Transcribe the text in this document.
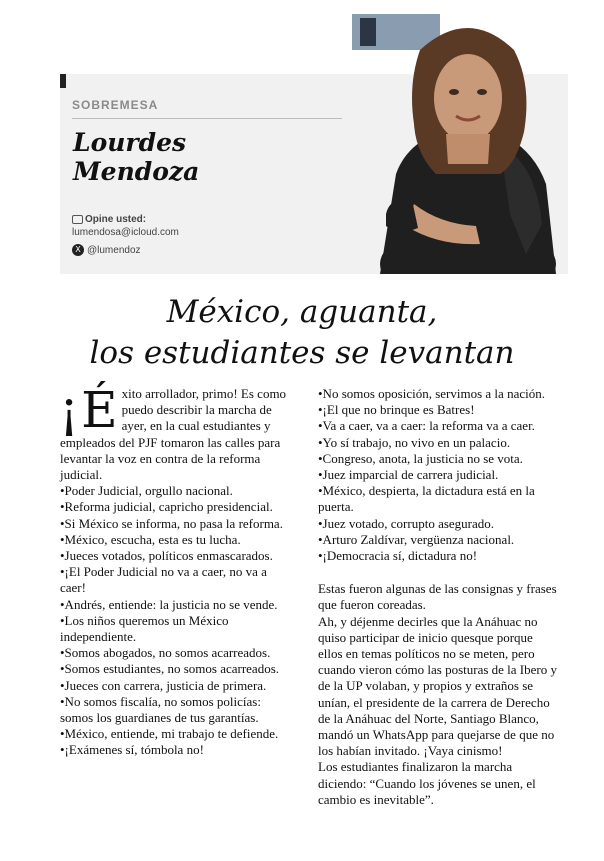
SOBREMESA
Lourdes
Mendoza
Opine usted:
lumendosa@icloud.com
X @lumendoz
México, aguanta,
los estudiantes se levantan

¡ É xito arrollador, primo! Es como puedo describir la marcha de ayer, en la cual estudiantes y empleados del PJF tomaron las calles para levantar la voz en contra de la reforma judicial.

•Poder Judicial, orgullo nacional.

•Reforma judicial, capricho presidencial.

•Si México se informa, no pasa la reforma.

•México, escucha, esta es tu lucha.

•Jueces votados, políticos enmascarados.

•¡El Poder Judicial no va a caer, no va a caer!

•Andrés, entiende: la justicia no se vende.

•Los niños queremos un México independiente.

•Somos abogados, no somos acarreados.

•Somos estudiantes, no somos acarreados.

•Jueces con carrera, justicia de primera.

•No somos fiscalía, no somos policías: somos los guardianes de tus garantías.

•México, entiende, mi trabajo te defiende.

•¡Exámenes sí, tómbola no!

•No somos oposición, servimos a la nación.

•¡El que no brinque es Batres!

•Va a caer, va a caer: la reforma va a caer.

•Yo sí trabajo, no vivo en un palacio.

•Congreso, anota, la justicia no se vota.

•Juez imparcial de carrera judicial.

•México, despierta, la dictadura está en la puerta.

•Juez votado, corrupto asegurado.

•Arturo Zaldívar, vergüenza nacional.

•¡Democracia sí, dictadura no!

Estas fueron algunas de las consignas y frases que fueron coreadas.

Ah, y déjenme decirles que la Anáhuac no quiso participar de inicio quesque porque ellos en temas políticos no se meten, pero cuando vieron cómo las posturas de la Ibero y de la UP volaban, y propios y extraños se unían, el presidente de la carrera de Derecho de la Anáhuac del Norte, Santiago Blanco, mandó un WhatsApp para quejarse de que no los habían invitado. ¡Vaya cinismo!

Los estudiantes finalizaron la marcha diciendo: “Cuando los jóvenes se unen, el cambio es inevitable”.
